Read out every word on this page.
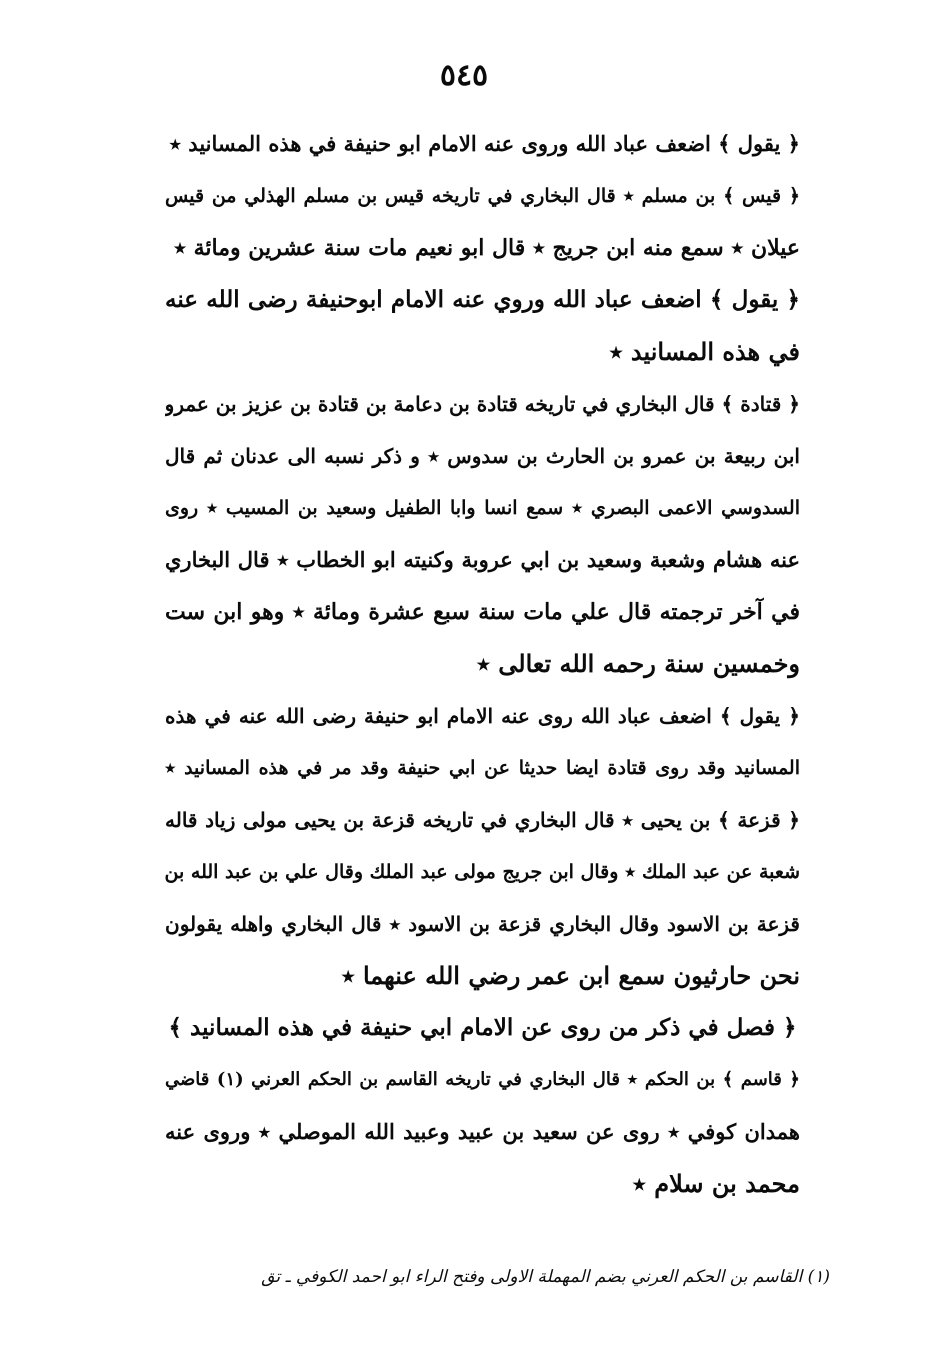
٥٤٥
﴿ يقول ﴾ اضعف عباد الله وروى عنه الامام ابو حنيفة في هذه المسانيد ٭
﴿ قيس ﴾ بن مسلم ٭ قال البخاري في تاريخه قيس بن مسلم الهذلي من قيس
عيلان ٭ سمع منه ابن جريج ٭ قال ابو نعيم مات سنة عشرين ومائة ٭
﴿ يقول ﴾ اضعف عباد الله وروي عنه الامام ابوحنيفة رضى الله عنه
في هذه المسانيد ٭
﴿ قتادة ﴾ قال البخاري في تاريخه قتادة بن دعامة بن قتادة بن عزيز بن عمرو
ابن ربيعة بن عمرو بن الحارث بن سدوس ٭ و ذكر نسبه الى عدنان ثم قال
السدوسي الاعمى البصري ٭ سمع انسا وابا الطفيل وسعيد بن المسيب ٭ روى
عنه هشام وشعبة وسعيد بن ابي عروبة وكنيته ابو الخطاب ٭ قال البخاري
في آخر ترجمته قال علي مات سنة سبع عشرة ومائة ٭ وهو ابن ست
وخمسين سنة رحمه الله تعالى ٭
﴿ يقول ﴾ اضعف عباد الله روى عنه الامام ابو حنيفة رضى الله عنه في هذه
المسانيد وقد روى قتادة ايضا حديثا عن ابي حنيفة وقد مر في هذه المسانيد ٭
﴿ قزعة ﴾ بن يحيى ٭ قال البخاري في تاريخه قزعة بن يحيى مولى زياد قاله
شعبة عن عبد الملك ٭ وقال ابن جريج مولى عبد الملك وقال علي بن عبد الله بن
قزعة بن الاسود وقال البخاري قزعة بن الاسود ٭ قال البخاري واهله يقولون
نحن حارثيون سمع ابن عمر رضي الله عنهما ٭
﴿ فصل في ذكر من روى عن الامام ابي حنيفة في هذه المسانيد ﴾
﴿ قاسم ﴾ بن الحكم ٭ قال البخاري في تاريخه القاسم بن الحكم العرني (١) قاضي
همدان كوفي ٭ روى عن سعيد بن عبيد وعبيد الله الموصلي ٭ وروى عنه
محمد بن سلام ٭
(١) القاسم بن الحكم العرني بضم المهملة الاولى وفتح الراء ابو احمد الكوفي ـ تق
